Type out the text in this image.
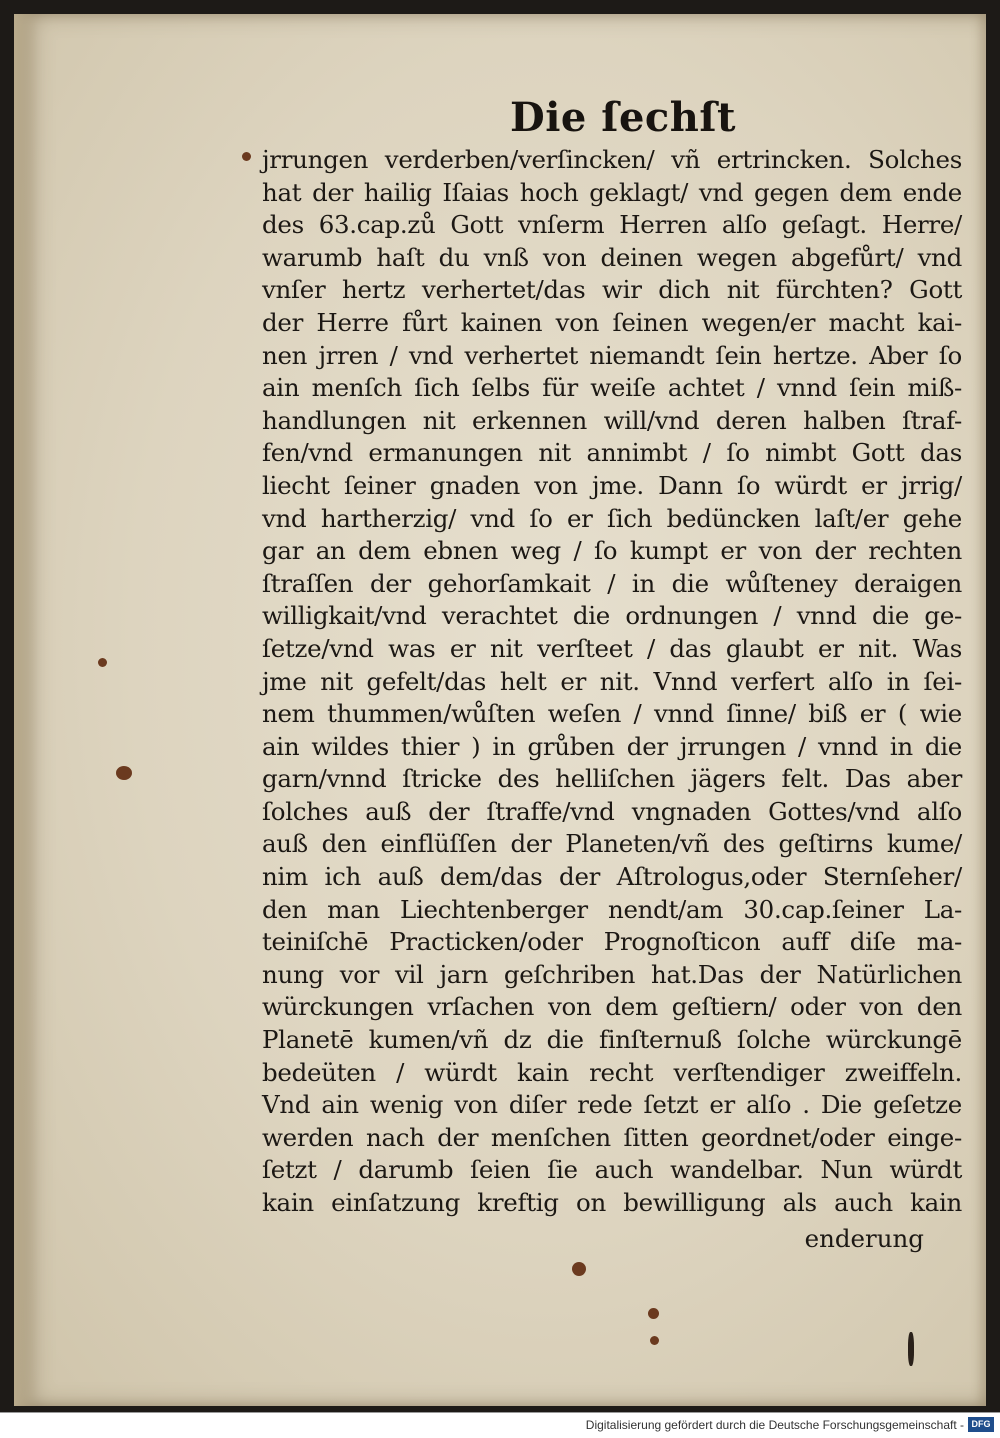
Die ſechſt
jrrungen verderben/verſincken/ vñ ertrincken. Solches
hat der hailig Iſaias hoch geklagt/ vnd gegen dem ende
des 63.cap.zů Gott vnſerm Herren alſo geſagt. Herre/
warumb haſt du vnß von deinen wegen abgefůrt/ vnd
vnſer hertz verhertet/das wir dich nit fürchten? Gott
der Herre fůrt kainen von ſeinen wegen/er macht kai-
nen jrren / vnd verhertet niemandt ſein hertze. Aber ſo
ain menſch ſich ſelbs für weiſe achtet / vnnd ſein miß-
handlungen nit erkennen will/vnd deren halben ſtraf-
fen/vnd ermanungen nit annimbt / ſo nimbt Gott das
liecht ſeiner gnaden von jme. Dann ſo würdt er jrrig/
vnd hartherzig/ vnd ſo er ſich bedüncken laſt/er gehe
gar an dem ebnen weg / ſo kumpt er von der rechten
ſtraſſen der gehorſamkait / in die wůſteney deraigen
willigkait/vnd verachtet die ordnungen / vnnd die ge-
ſetze/vnd was er nit verſteet / das glaubt er nit. Was
jme nit gefelt/das helt er nit. Vnnd verfert alſo in ſei-
nem thummen/wůſten weſen / vnnd ſinne/ biß er ( wie
ain wildes thier ) in grůben der jrrungen / vnnd in die
garn/vnnd ſtricke des helliſchen jägers felt. Das aber
ſolches auß der ſtraffe/vnd vngnaden Gottes/vnd alſo
auß den einflüſſen der Planeten/vñ des geſtirns kume/
nim ich auß dem/das der Aſtrologus,oder Sternſeher/
den man Liechtenberger nendt/am 30.cap.ſeiner La-
teiniſchē Practicken/oder Prognoſticon auff diſe ma-
nung vor vil jarn geſchriben hat.Das der Natürlichen
würckungen vrſachen von dem geſtiern/ oder von den
Planetē kumen/vñ dz die finſternuß ſolche würckungē
bedeüten / würdt kain recht verſtendiger zweiffeln.
Vnd ain wenig von diſer rede ſetzt er alſo . Die geſetze
werden nach der menſchen ſitten geordnet/oder einge-
ſetzt / darumb ſeien ſie auch wandelbar. Nun würdt
kain einſatzung kreftig on bewilligung als auch kain
enderung
Digitalisierung gefördert durch die Deutsche Forschungsgemeinschaft - DFG
